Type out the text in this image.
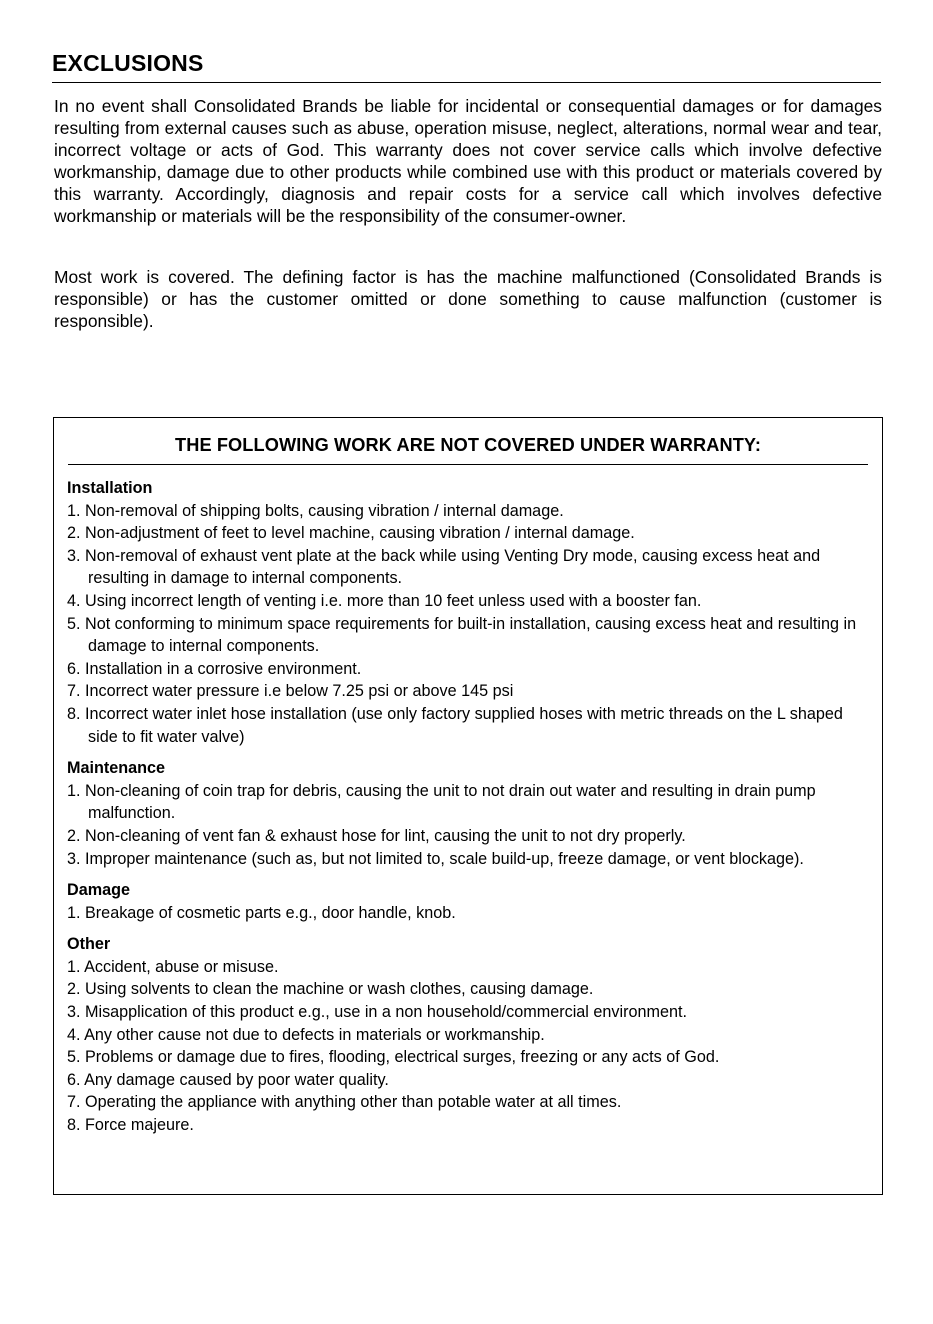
EXCLUSIONS

In no event shall Consolidated Brands be liable for incidental or consequential damages or for damages resulting from external causes such as abuse, operation misuse, neglect, alterations, normal wear and tear, incorrect voltage or acts of God. This warranty does not cover service calls which involve defective workmanship, damage due to other products while combined use with this product or materials covered by this warranty. Accordingly, diagnosis and repair costs for a service call which involves defective workmanship or materials will be the responsibility of the consumer-owner.

Most work is covered. The defining factor is has the machine malfunctioned (Consolidated Brands is responsible) or has the customer omitted or done something to cause malfunction (customer is responsible).

THE FOLLOWING WORK ARE NOT COVERED UNDER WARRANTY:
Installation
1. Non-removal of shipping bolts, causing vibration / internal damage.
2. Non-adjustment of feet to level machine, causing vibration / internal damage.
3. Non-removal of exhaust vent plate at the back while using Venting Dry mode, causing excess heat and resulting in damage to internal components.
4. Using incorrect length of venting i.e. more than 10 feet unless used with a booster fan.
5. Not conforming to minimum space requirements for built-in installation, causing excess heat and resulting in damage to internal components.
6. Installation in a corrosive environment.
7. Incorrect water pressure i.e below 7.25 psi or above 145 psi
8. Incorrect water inlet hose installation (use only factory supplied hoses with metric threads on the L shaped side to fit water valve)
Maintenance
1. Non-cleaning of coin trap for debris, causing the unit to not drain out water and resulting in drain pump malfunction.
2. Non-cleaning of vent fan & exhaust hose for lint, causing the unit to not dry properly.
3. Improper maintenance (such as, but not limited to, scale build-up, freeze damage, or vent blockage).
Damage
1. Breakage of cosmetic parts e.g., door handle, knob.
Other
1. Accident, abuse or misuse.
2. Using solvents to clean the machine or wash clothes, causing damage.
3. Misapplication of this product e.g., use in a non household/commercial environment.
4. Any other cause not due to defects in materials or workmanship.
5. Problems or damage due to fires, flooding, electrical surges, freezing or any acts of God.
6. Any damage caused by poor water quality.
7. Operating the appliance with anything other than potable water at all times.
8. Force majeure.
